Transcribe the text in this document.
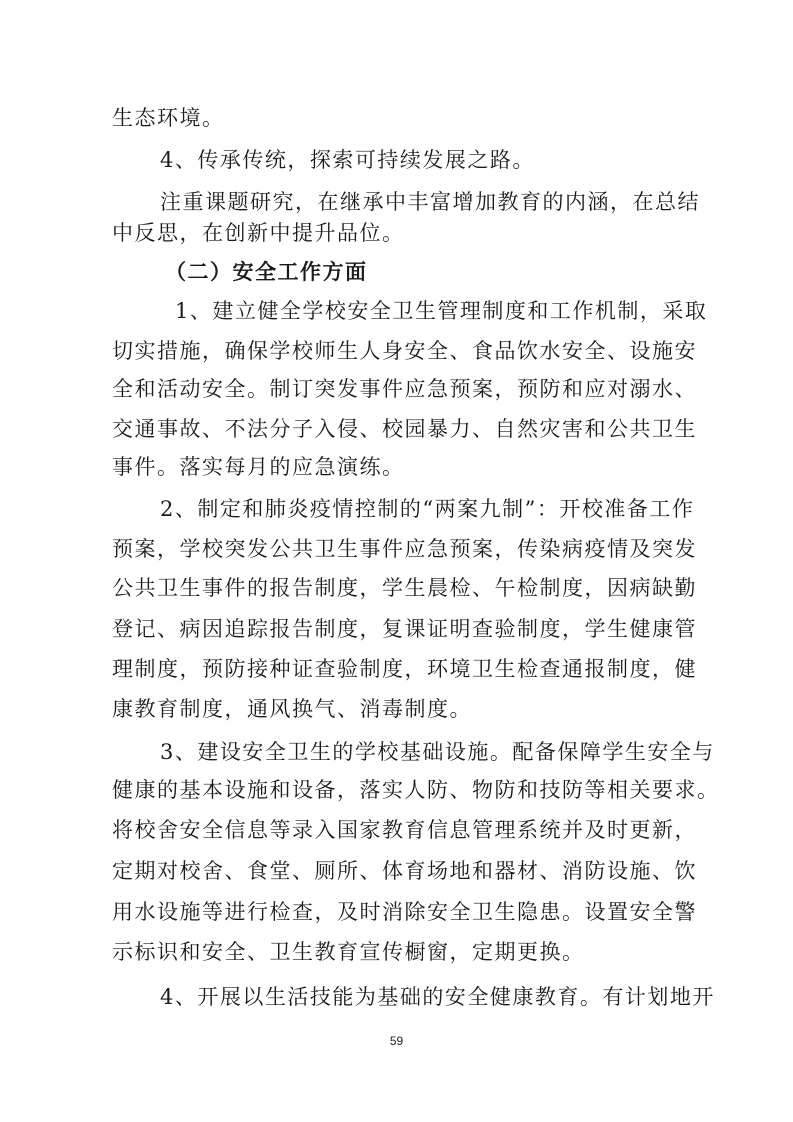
生态环境。
4、传承传统，探索可持续发展之路。
注重课题研究，在继承中丰富增加教育的内涵，在总结
中反思，在创新中提升品位。
（二）安全工作方面
1、建立健全学校安全卫生管理制度和工作机制，采取
切实措施，确保学校师生人身安全、食品饮水安全、设施安
全和活动安全。制订突发事件应急预案，预防和应对溺水、
交通事故、不法分子入侵、校园暴力、自然灾害和公共卫生
事件。落实每月的应急演练。
2、制定和肺炎疫情控制的“两案九制”：开校准备工作
预案，学校突发公共卫生事件应急预案，传染病疫情及突发
公共卫生事件的报告制度，学生晨检、午检制度，因病缺勤
登记、病因追踪报告制度，复课证明查验制度，学生健康管
理制度，预防接种证查验制度，环境卫生检查通报制度，健
康教育制度，通风换气、消毒制度。
3、建设安全卫生的学校基础设施。配备保障学生安全与
健康的基本设施和设备，落实人防、物防和技防等相关要求。
将校舍安全信息等录入国家教育信息管理系统并及时更新，
定期对校舍、食堂、厕所、体育场地和器材、消防设施、饮
用水设施等进行检查，及时消除安全卫生隐患。设置安全警
示标识和安全、卫生教育宣传橱窗，定期更换。
4、开展以生活技能为基础的安全健康教育。有计划地开
59
